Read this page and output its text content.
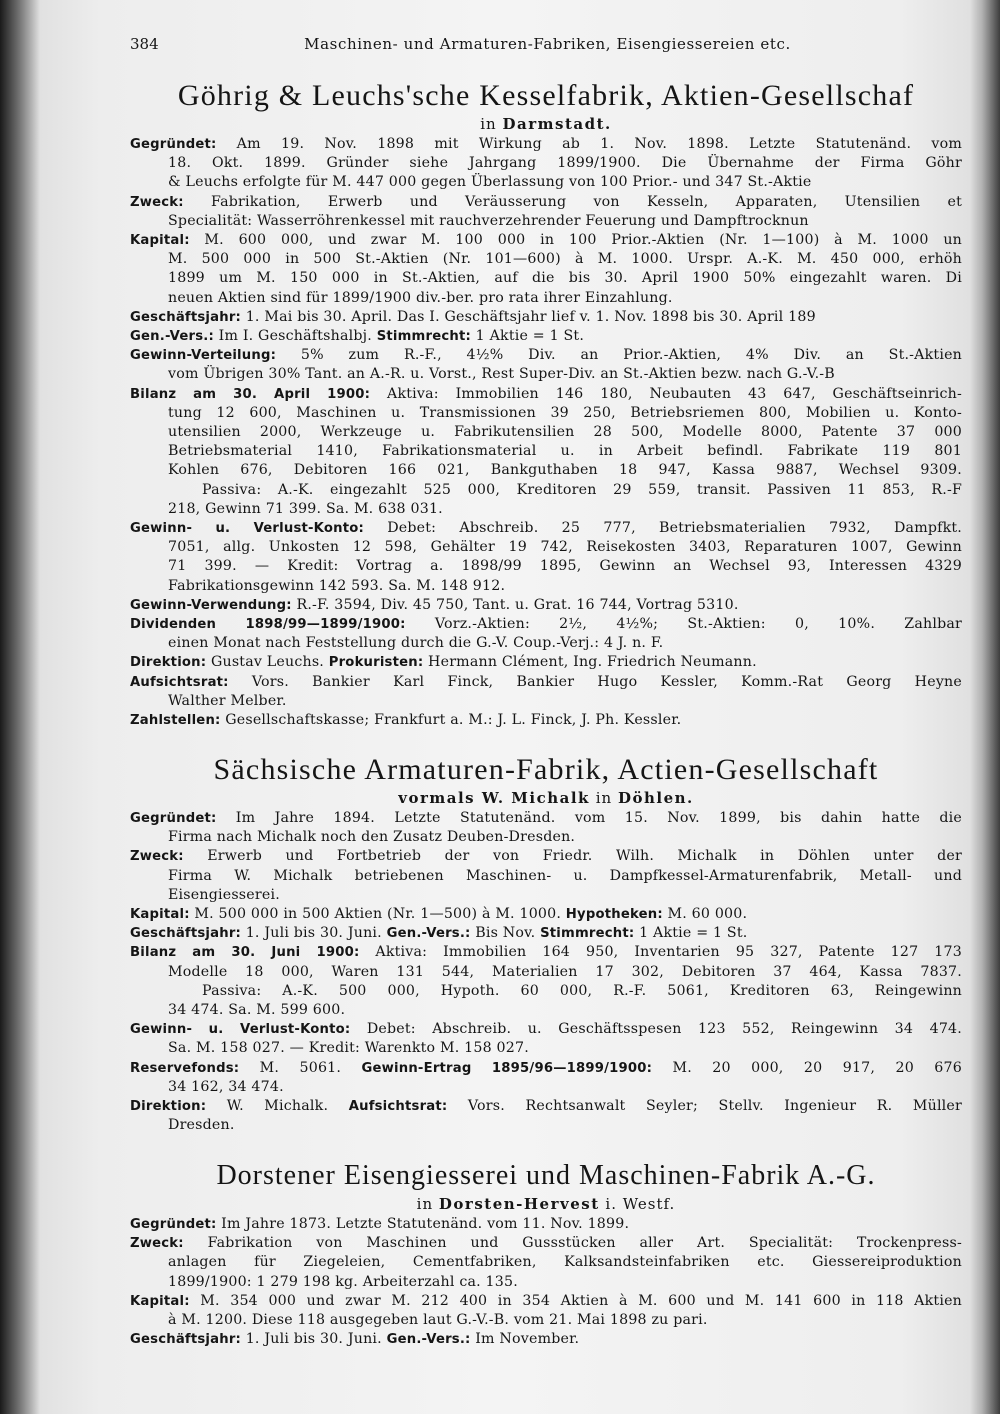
384	Maschinen- und Armaturen-Fabriken, Eisengiessereien etc.
Göhrig & Leuchs'sche Kesselfabrik, Aktien-Gesellschaf
in Darmstadt.
Gegründet: Am 19. Nov. 1898 mit Wirkung ab 1. Nov. 1898. Letzte Statutenänd. vom
18. Okt. 1899. Gründer siehe Jahrgang 1899/1900. Die Übernahme der Firma Göhr
& Leuchs erfolgte für M. 447 000 gegen Überlassung von 100 Prior.- und 347 St.-Aktie
Zweck: Fabrikation, Erwerb und Veräusserung von Kesseln, Apparaten, Utensilien et
Specialität: Wasserröhrenkessel mit rauchverzehrender Feuerung und Dampftrocknun
Kapital: M. 600 000, und zwar M. 100 000 in 100 Prior.-Aktien (Nr. 1—100) à M. 1000 un
M. 500 000 in 500 St.-Aktien (Nr. 101—600) à M. 1000. Urspr. A.-K. M. 450 000, erhöh
1899 um M. 150 000 in St.-Aktien, auf die bis 30. April 1900 50% eingezahlt waren. Di
neuen Aktien sind für 1899/1900 div.-ber. pro rata ihrer Einzahlung.
Geschäftsjahr: 1. Mai bis 30. April. Das I. Geschäftsjahr lief v. 1. Nov. 1898 bis 30. April 189
Gen.-Vers.: Im I. Geschäftshalbj. Stimmrecht: 1 Aktie = 1 St.
Gewinn-Verteilung: 5% zum R.-F., 4½% Div. an Prior.-Aktien, 4% Div. an St.-Aktien
vom Übrigen 30% Tant. an A.-R. u. Vorst., Rest Super-Div. an St.-Aktien bezw. nach G.-V.-B
Bilanz am 30. April 1900: Aktiva: Immobilien 146 180, Neubauten 43 647, Geschäftseinrich-
tung 12 600, Maschinen u. Transmissionen 39 250, Betriebsriemen 800, Mobilien u. Konto-
utensilien 2000, Werkzeuge u. Fabrikutensilien 28 500, Modelle 8000, Patente 37 000
Betriebsmaterial 1410, Fabrikationsmaterial u. in Arbeit befindl. Fabrikate 119 801
Kohlen 676, Debitoren 166 021, Bankguthaben 18 947, Kassa 9887, Wechsel 9309.
Passiva: A.-K. eingezahlt 525 000, Kreditoren 29 559, transit. Passiven 11 853, R.-F
218, Gewinn 71 399. Sa. M. 638 031.
Gewinn- u. Verlust-Konto: Debet: Abschreib. 25 777, Betriebsmaterialien 7932, Dampfkt.
7051, allg. Unkosten 12 598, Gehälter 19 742, Reisekosten 3403, Reparaturen 1007, Gewinn
71 399. — Kredit: Vortrag a. 1898/99 1895, Gewinn an Wechsel 93, Interessen 4329
Fabrikationsgewinn 142 593. Sa. M. 148 912.
Gewinn-Verwendung: R.-F. 3594, Div. 45 750, Tant. u. Grat. 16 744, Vortrag 5310.
Dividenden 1898/99—1899/1900: Vorz.-Aktien: 2½, 4½%; St.-Aktien: 0, 10%. Zahlbar
einen Monat nach Feststellung durch die G.-V. Coup.-Verj.: 4 J. n. F.
Direktion: Gustav Leuchs. Prokuristen: Hermann Clément, Ing. Friedrich Neumann.
Aufsichtsrat: Vors. Bankier Karl Finck, Bankier Hugo Kessler, Komm.-Rat Georg Heyne
Walther Melber.
Zahlstellen: Gesellschaftskasse; Frankfurt a. M.: J. L. Finck, J. Ph. Kessler.
Sächsische Armaturen-Fabrik, Actien-Gesellschaft
vormals W. Michalk in Döhlen.
Gegründet: Im Jahre 1894. Letzte Statutenänd. vom 15. Nov. 1899, bis dahin hatte die
Firma nach Michalk noch den Zusatz Deuben-Dresden.
Zweck: Erwerb und Fortbetrieb der von Friedr. Wilh. Michalk in Döhlen unter der
Firma W. Michalk betriebenen Maschinen- u. Dampfkessel-Armaturenfabrik, Metall- und
Eisengiesserei.
Kapital: M. 500 000 in 500 Aktien (Nr. 1—500) à M. 1000. Hypotheken: M. 60 000.
Geschäftsjahr: 1. Juli bis 30. Juni. Gen.-Vers.: Bis Nov. Stimmrecht: 1 Aktie = 1 St.
Bilanz am 30. Juni 1900: Aktiva: Immobilien 164 950, Inventarien 95 327, Patente 127 173
Modelle 18 000, Waren 131 544, Materialien 17 302, Debitoren 37 464, Kassa 7837.
Passiva: A.-K. 500 000, Hypoth. 60 000, R.-F. 5061, Kreditoren 63, Reingewinn
34 474. Sa. M. 599 600.
Gewinn- u. Verlust-Konto: Debet: Abschreib. u. Geschäftsspesen 123 552, Reingewinn 34 474.
Sa. M. 158 027. — Kredit: Warenkto M. 158 027.
Reservefonds: M. 5061. Gewinn-Ertrag 1895/96—1899/1900: M. 20 000, 20 917, 20 676
34 162, 34 474.
Direktion: W. Michalk. Aufsichtsrat: Vors. Rechtsanwalt Seyler; Stellv. Ingenieur R. Müller
Dresden.
Dorstener Eisengiesserei und Maschinen-Fabrik A.-G.
in Dorsten-Hervest i. Westf.
Gegründet: Im Jahre 1873. Letzte Statutenänd. vom 11. Nov. 1899.
Zweck: Fabrikation von Maschinen und Gussstücken aller Art. Specialität: Trockenpress-
anlagen für Ziegeleien, Cementfabriken, Kalksandsteinfabriken etc. Giessereiproduktion
1899/1900: 1 279 198 kg. Arbeiterzahl ca. 135.
Kapital: M. 354 000 und zwar M. 212 400 in 354 Aktien à M. 600 und M. 141 600 in 118 Aktien
à M. 1200. Diese 118 ausgegeben laut G.-V.-B. vom 21. Mai 1898 zu pari.
Geschäftsjahr: 1. Juli bis 30. Juni. Gen.-Vers.: Im November.
